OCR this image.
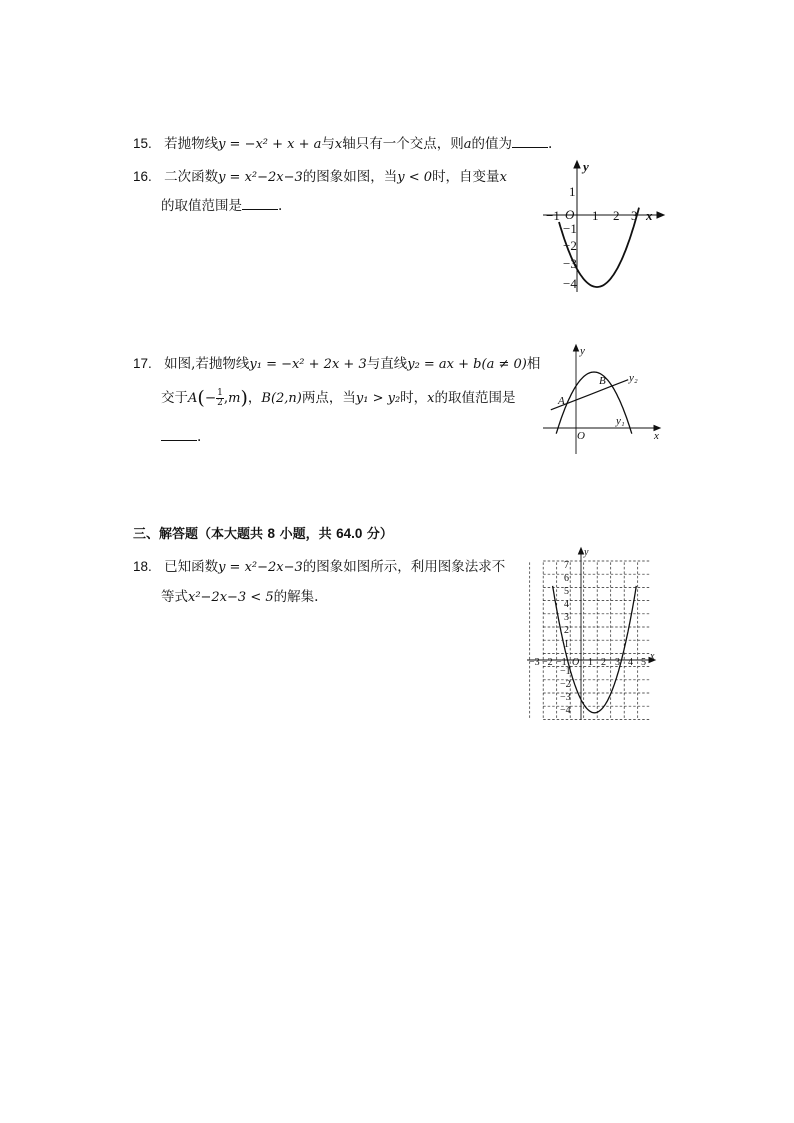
15. 若抛物线y = −x² + x + a与x轴只有一个交点，则a的值为	.
16. 二次函数y = x²−2x−3的图象如图，当y < 0时，自变量x
的取值范围是	.
x
y
O
−1 1 2 3
1
−1
−2
−3
−4
17. 如图,若抛物线y₁ = −x² + 2x + 3与直线y₂ = ax + b(a ≠ 0)相
交于$A(- \frac{1}{2} ,m)$，B(2,n)两点，当y₁ > y₂时，x的取值范围是
.
y
x
O
A
B y₂
y₁
三、解答题（本大题共 8 小题，共 64.0 分）
18. 已知函数y = x²−2x−3的图象如图所示，利用图象法求不
等式x²−2x−3 < 5的解集.
y
x
O
−3 −2 −1 1 2 3 4 5
7
6
5
4
3
2
1
−1
−2
−3
−4
